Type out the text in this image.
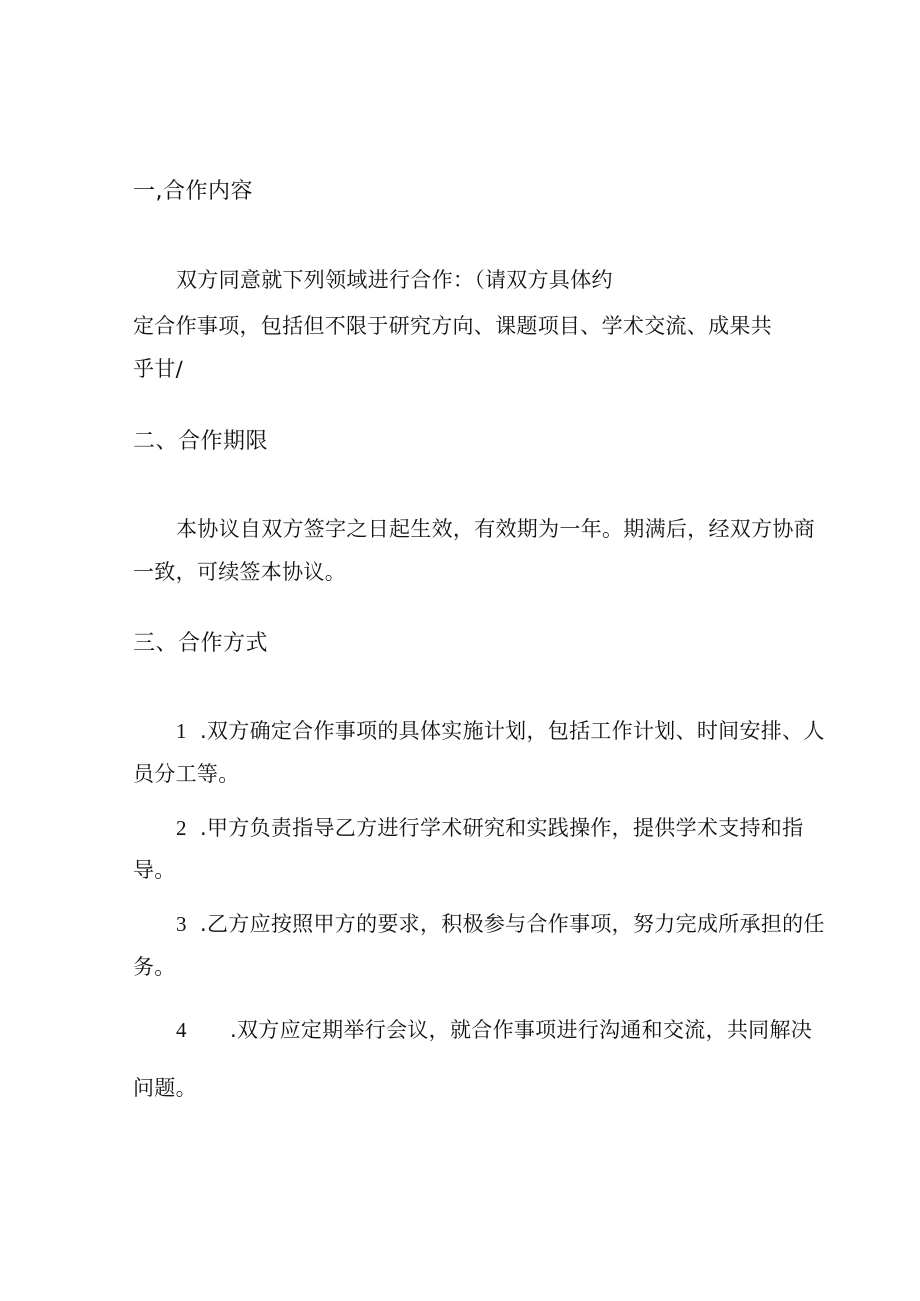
一,合作内容
双方同意就下列领域进行合作：（请双方具体约
定合作事项，包括但不限于研究方向、课题项目、学术交流、成果共
乎甘∕
二、合作期限
本协议自双方签字之日起生效，有效期为一年。期满后，经双方协商
一致，可续签本协议。
三、合作方式
1 .双方确定合作事项的具体实施计划，包括工作计划、时间安排、人
员分工等。
2 .甲方负责指导乙方进行学术研究和实践操作，提供学术支持和指
导。
3 .乙方应按照甲方的要求，积极参与合作事项，努力完成所承担的任
务。
4 .双方应定期举行会议，就合作事项进行沟通和交流，共同解决
问题。
